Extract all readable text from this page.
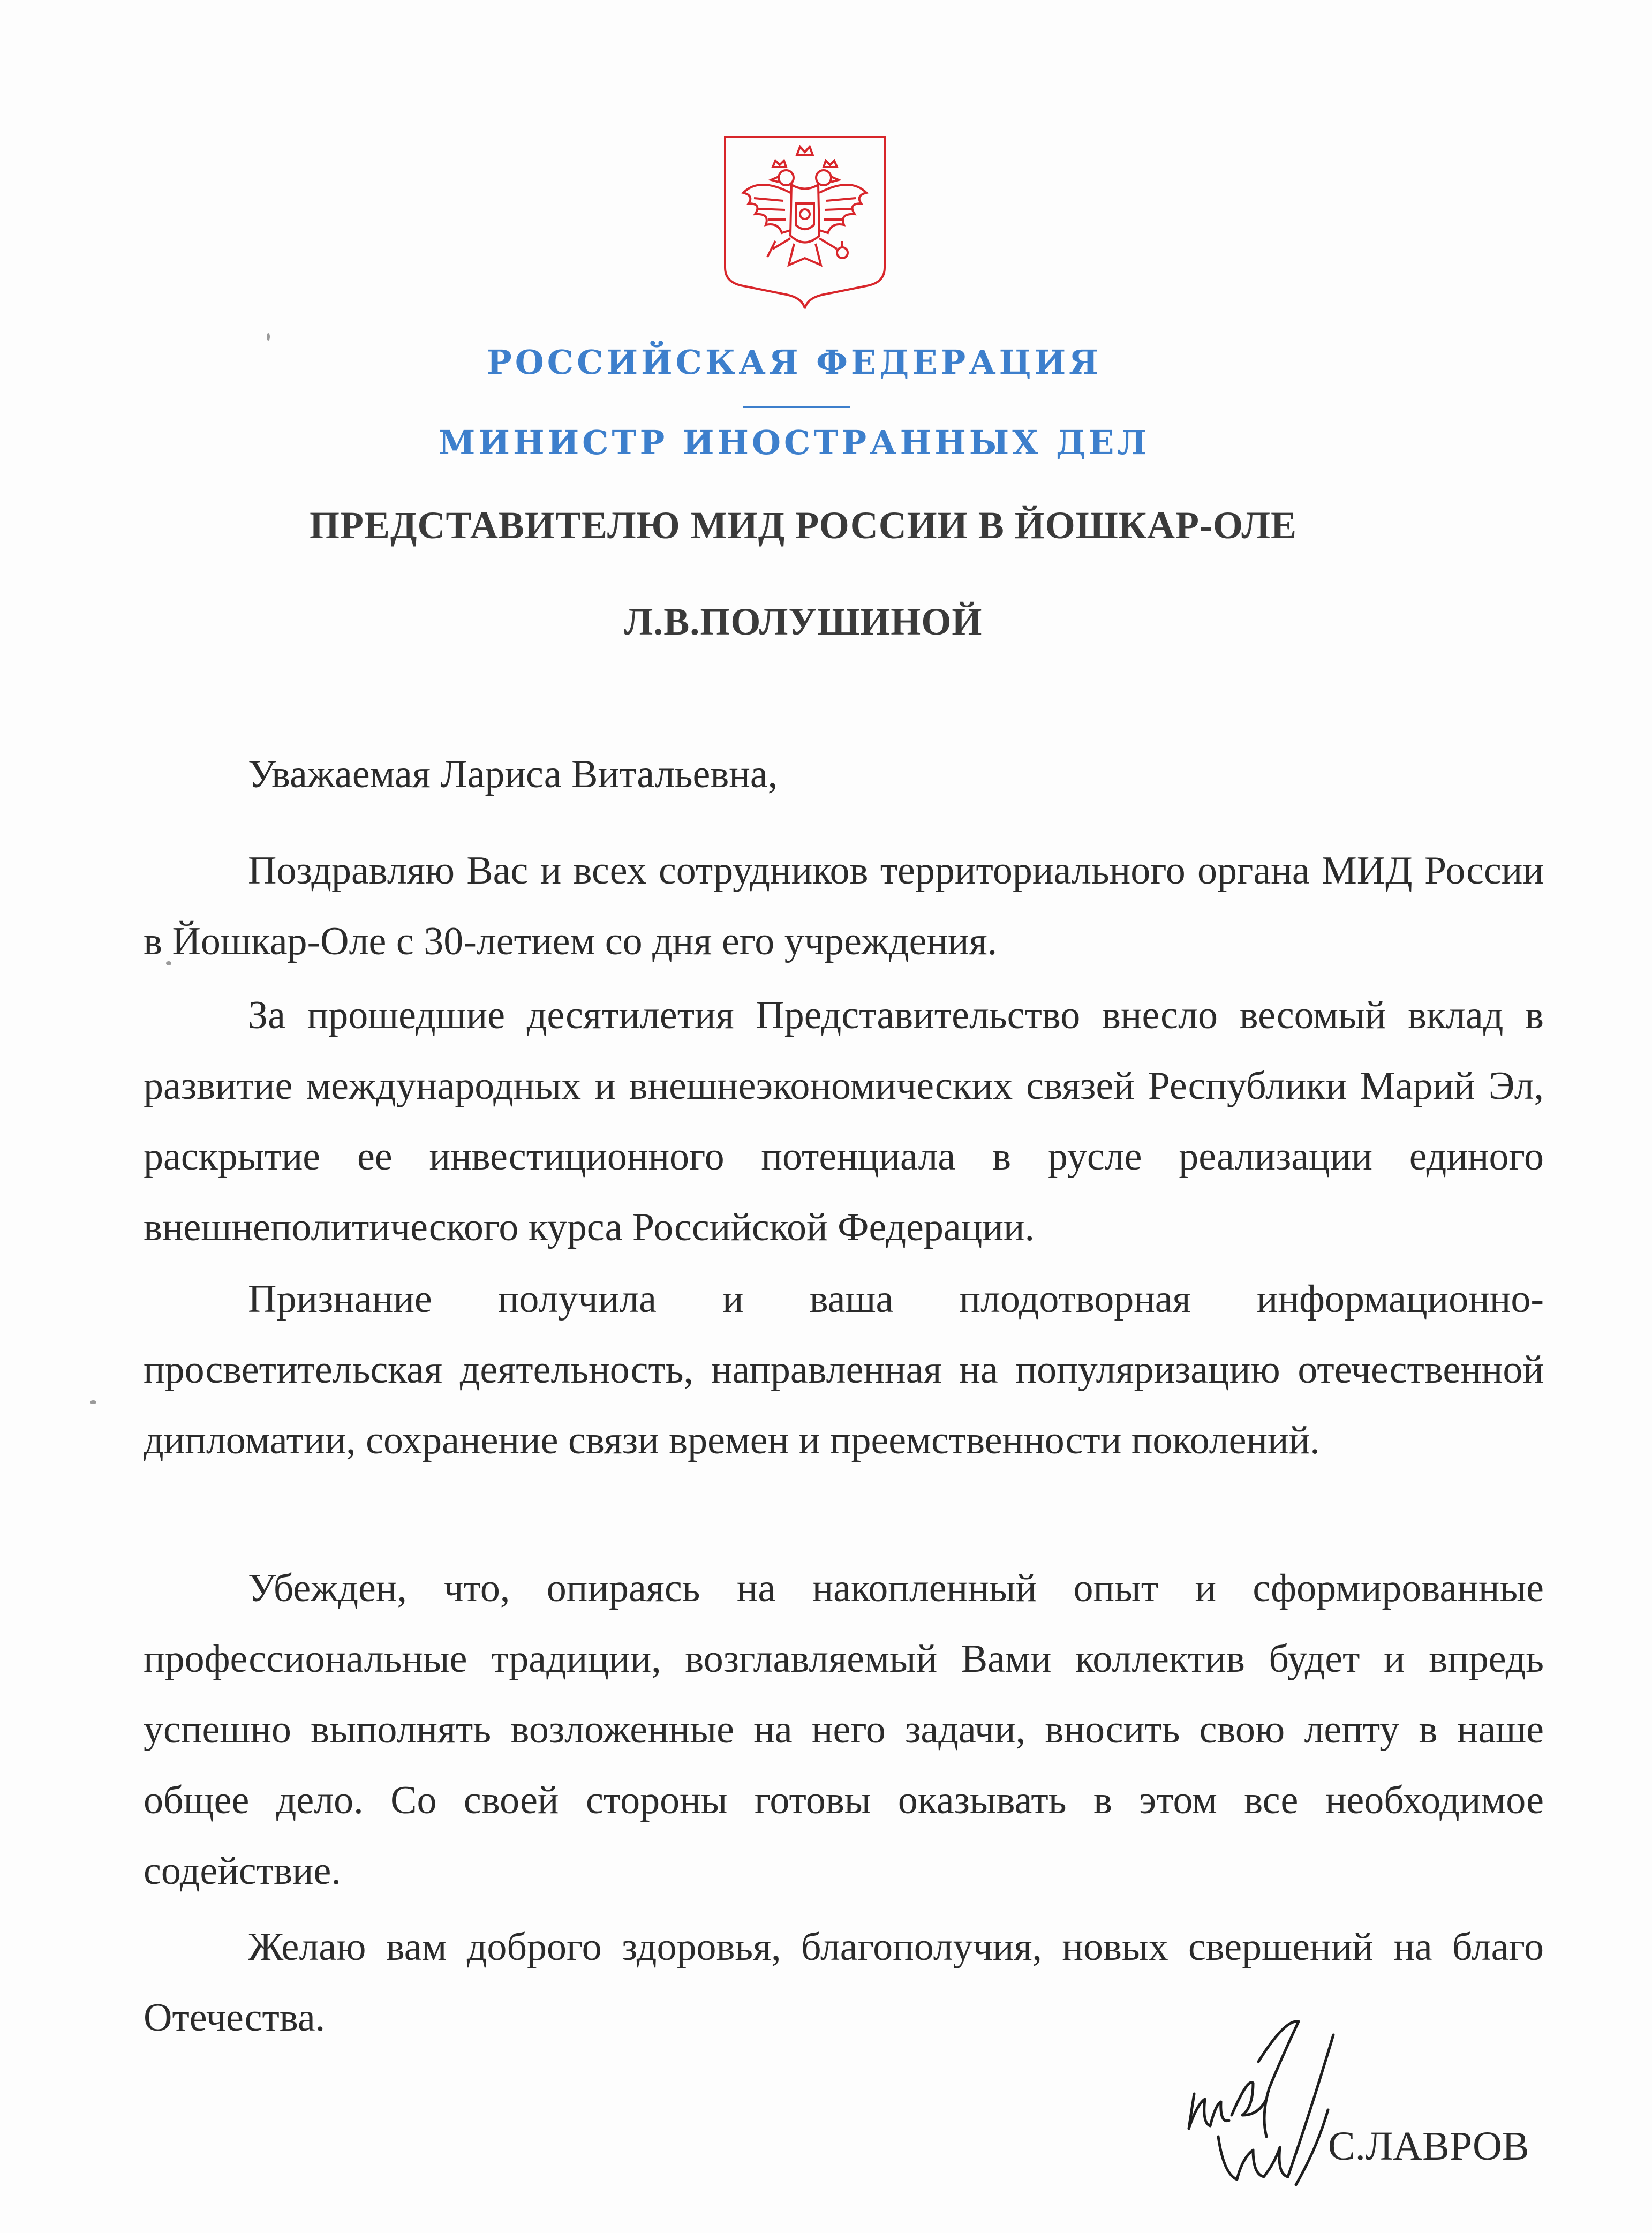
РОССИЙСКАЯ ФЕДЕРАЦИЯ
МИНИСТР ИНОСТРАННЫХ ДЕЛ
ПРЕДСТАВИТЕЛЮ МИД РОССИИ В ЙОШКАР-ОЛЕ
Л.В.ПОЛУШИНОЙ
Уважаемая Лариса Витальевна,

Поздравляю Вас и всех сотрудников территориального органа МИД России в Йошкар-Оле с 30-летием со дня его учреждения.

За прошедшие десятилетия Представительство внесло весомый вклад в развитие международных и внешнеэкономических связей Республики Марий Эл, раскрытие ее инвестиционного потенциала в русле реализации единого внешнеполитического курса Российской Федерации.

Признание получила и ваша плодотворная информационно-просветительская деятельность, направленная на популяризацию отечественной дипломатии, сохранение связи времен и преемственности поколений.

Убежден, что, опираясь на накопленный опыт и сформированные профессиональные традиции, возглавляемый Вами коллектив будет и впредь успешно выполнять возложенные на него задачи, вносить свою лепту в наше общее дело. Со своей стороны готовы оказывать в этом все необходимое содействие.

Желаю вам доброго здоровья, благополучия, новых свершений на благо Отечества.

С.ЛАВРОВ
